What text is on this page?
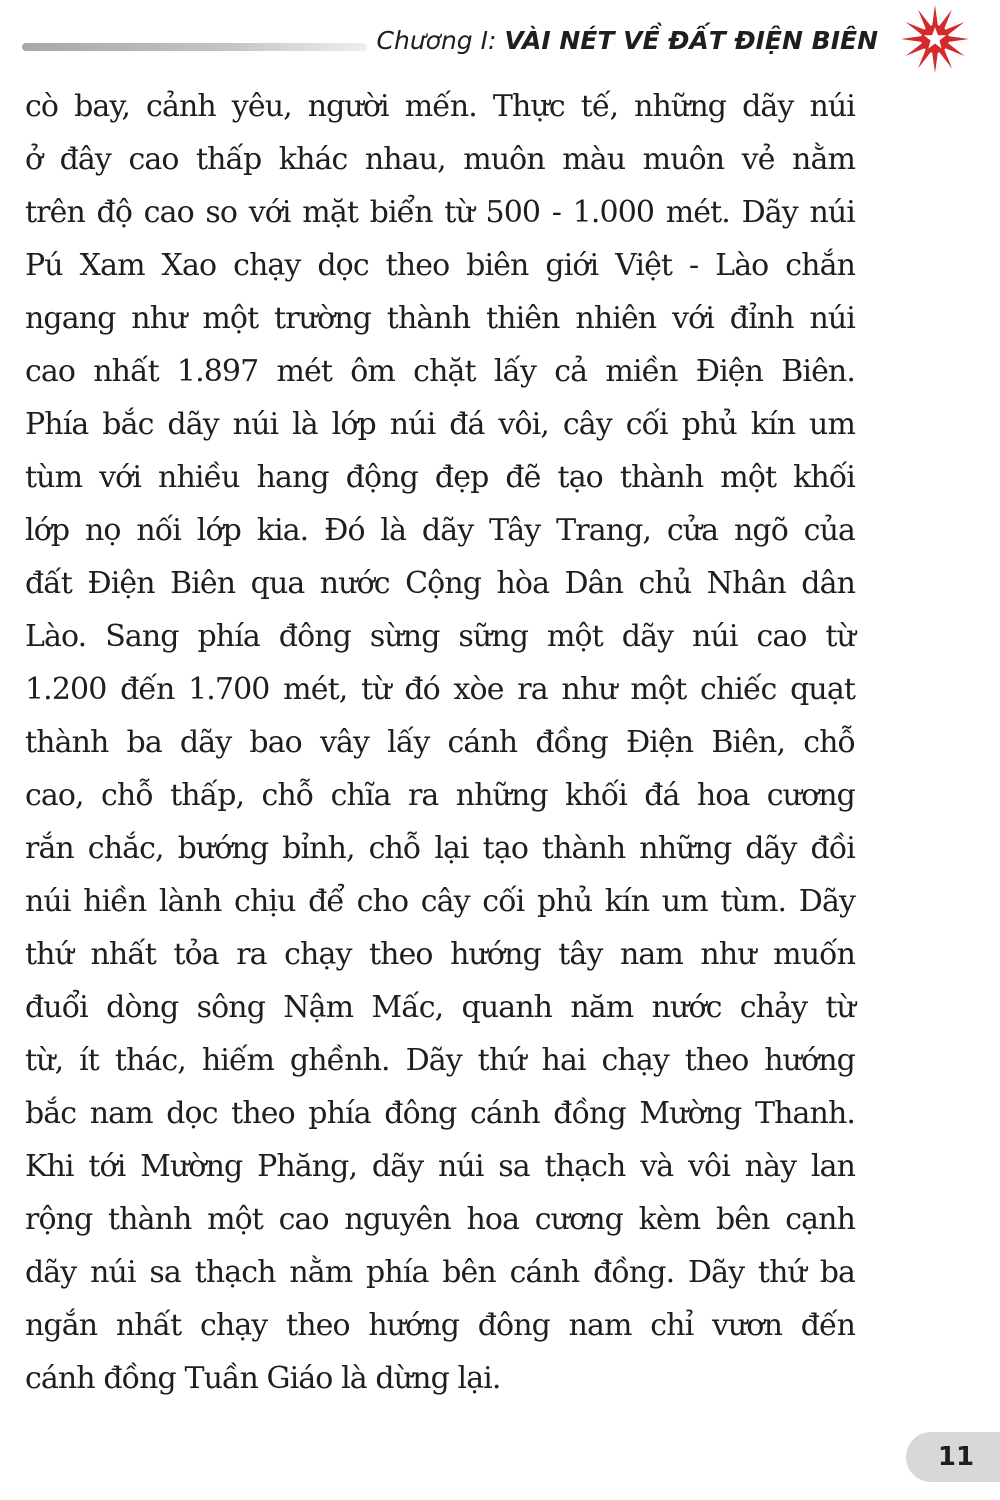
Chương I: VÀI NÉT VỀ ĐẤT ĐIỆN BIÊN
cò bay, cảnh yêu, người mến. Thực tế, những dãy núi
ở đây cao thấp khác nhau, muôn màu muôn vẻ nằm
trên độ cao so với mặt biển từ 500 - 1.000 mét. Dãy núi
Pú Xam Xao chạy dọc theo biên giới Việt - Lào chắn
ngang như một trường thành thiên nhiên với đỉnh núi
cao nhất 1.897 mét ôm chặt lấy cả miền Điện Biên.
Phía bắc dãy núi là lớp núi đá vôi, cây cối phủ kín um
tùm với nhiều hang động đẹp đẽ tạo thành một khối
lớp nọ nối lớp kia. Đó là dãy Tây Trang, cửa ngõ của
đất Điện Biên qua nước Cộng hòa Dân chủ Nhân dân
Lào. Sang phía đông sừng sững một dãy núi cao từ
1.200 đến 1.700 mét, từ đó xòe ra như một chiếc quạt
thành ba dãy bao vây lấy cánh đồng Điện Biên, chỗ
cao, chỗ thấp, chỗ chĩa ra những khối đá hoa cương
rắn chắc, bướng bỉnh, chỗ lại tạo thành những dãy đồi
núi hiền lành chịu để cho cây cối phủ kín um tùm. Dãy
thứ nhất tỏa ra chạy theo hướng tây nam như muốn
đuổi dòng sông Nậm Mấc, quanh năm nước chảy từ
từ, ít thác, hiếm ghềnh. Dãy thứ hai chạy theo hướng
bắc nam dọc theo phía đông cánh đồng Mường Thanh.
Khi tới Mường Phăng, dãy núi sa thạch và vôi này lan
rộng thành một cao nguyên hoa cương kèm bên cạnh
dãy núi sa thạch nằm phía bên cánh đồng. Dãy thứ ba
ngắn nhất chạy theo hướng đông nam chỉ vươn đến
cánh đồng Tuần Giáo là dừng lại.
11
